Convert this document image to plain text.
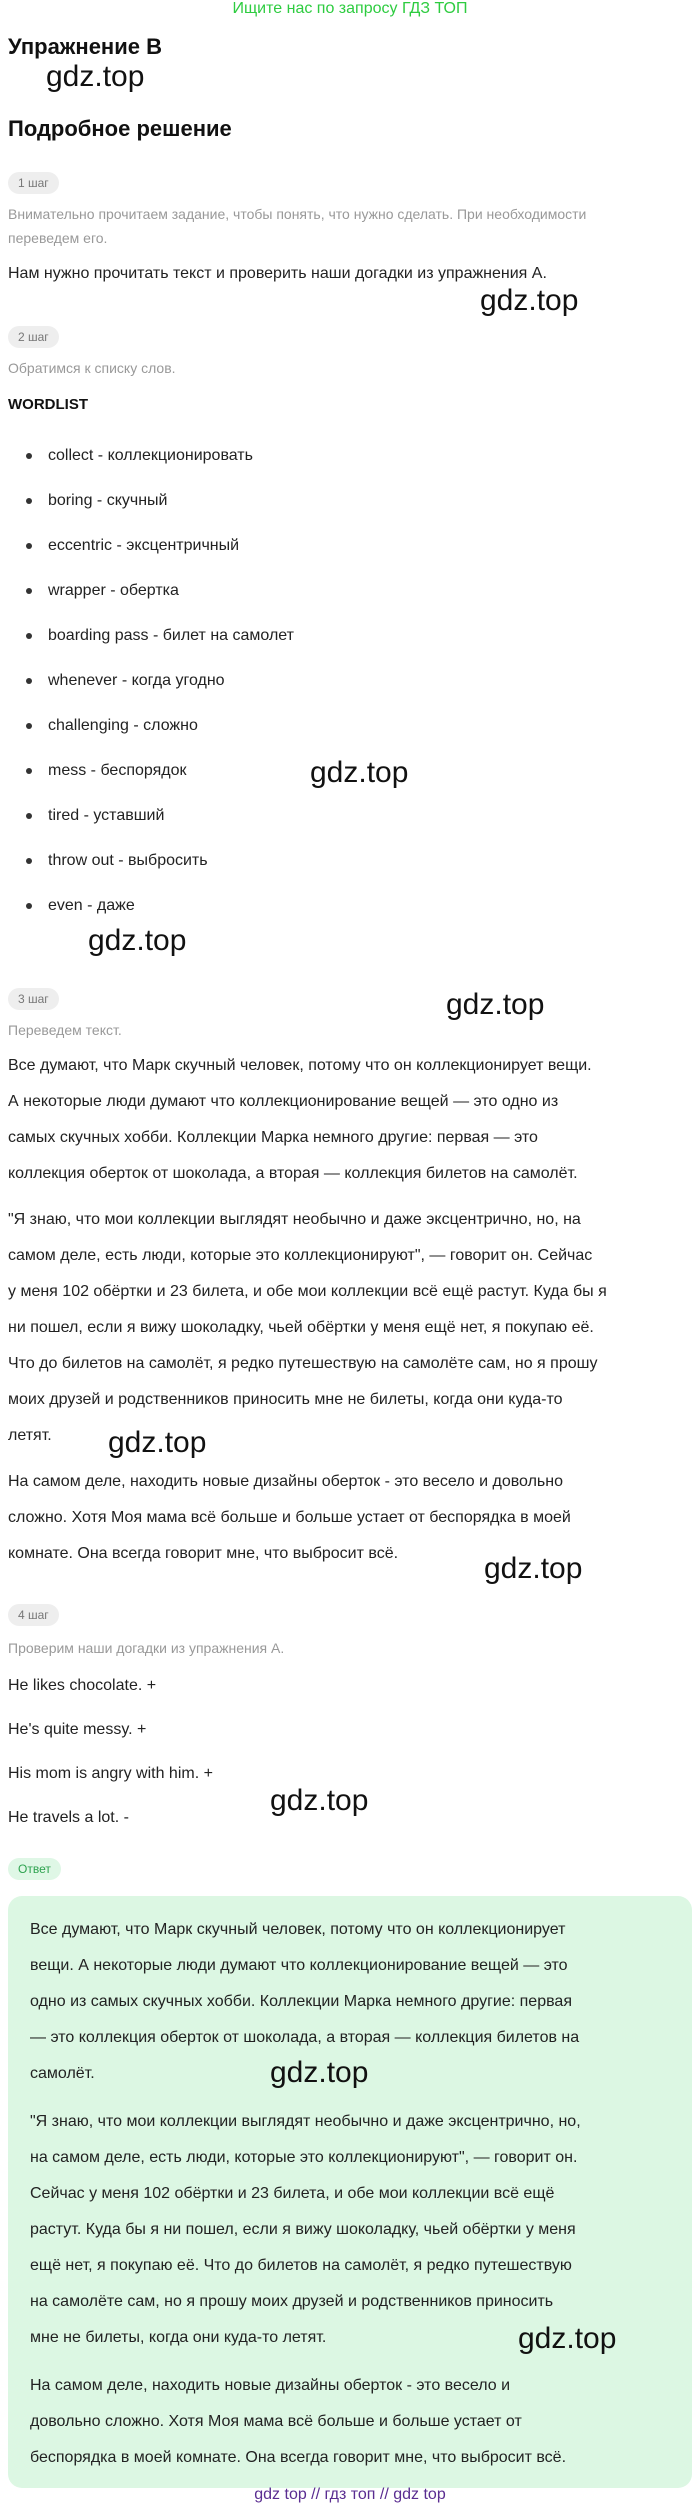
Ищите нас по запросу ГДЗ ТОП
Упражнение В
gdz.top
Подробное решение
1 шаг
Внимательно прочитаем задание, чтобы понять, что нужно сделать. При необходимости
переведем его.
Нам нужно прочитать текст и проверить наши догадки из упражнения А.
gdz.top
2 шаг
Обратимся к списку слов.
WORDLIST
collect - коллекционировать
boring - скучный
eccentric - эксцентричный
wrapper - обертка
boarding pass - билет на самолет
whenever - когда угодно
challenging - сложно
mess - беспорядок
tired - уставший
throw out - выбросить
even - даже
gdz.top
gdz.top
3 шаг
Переведем текст.
gdz.top
Все думают, что Марк скучный человек, потому что он коллекционирует вещи.
А некоторые люди думают что коллекционирование вещей — это одно из
самых скучных хобби. Коллекции Марка немного другие: первая — это
коллекция оберток от шоколада, а вторая — коллекция билетов на самолёт.
"Я знаю, что мои коллекции выглядят необычно и даже эксцентрично, но, на
самом деле, есть люди, которые это коллекционируют", — говорит он. Сейчас
у меня 102 обёртки и 23 билета, и обе мои коллекции всё ещё растут. Куда бы я
ни пошел, если я вижу шоколадку, чьей обёртки у меня ещё нет, я покупаю её.
Что до билетов на самолёт, я редко путешествую на самолёте сам, но я прошу
моих друзей и родственников приносить мне не билеты, когда они куда-то
летят. gdz.top
На самом деле, находить новые дизайны оберток - это весело и довольно
сложно. Хотя Моя мама всё больше и больше устает от беспорядка в моей
комнате. Она всегда говорит мне, что выбросит всё.	gdz.top
4 шаг
Проверим наши догадки из упражнения А.
He likes chocolate. +
He's quite messy. +
His mom is angry with him. +
He travels a lot. -
gdz.top
Ответ
Все думают, что Марк скучный человек, потому что он коллекционирует
вещи. А некоторые люди думают что коллекционирование вещей — это
одно из самых скучных хобби. Коллекции Марка немного другие: первая
— это коллекция оберток от шоколада, а вторая — коллекция билетов на
самолёт.	gdz.top
"Я знаю, что мои коллекции выглядят необычно и даже эксцентрично, но,
на самом деле, есть люди, которые это коллекционируют", — говорит он.
Сейчас у меня 102 обёртки и 23 билета, и обе мои коллекции всё ещё
растут. Куда бы я ни пошел, если я вижу шоколадку, чьей обёртки у меня
ещё нет, я покупаю её. Что до билетов на самолёт, я редко путешествую
на самолёте сам, но я прошу моих друзей и родственников приносить
мне не билеты, когда они куда-то летят.	gdz.top
На самом деле, находить новые дизайны оберток - это весело и
довольно сложно. Хотя Моя мама всё больше и больше устает от
беспорядка в моей комнате. Она всегда говорит мне, что выбросит всё.
gdz top // гдз топ // gdz top
